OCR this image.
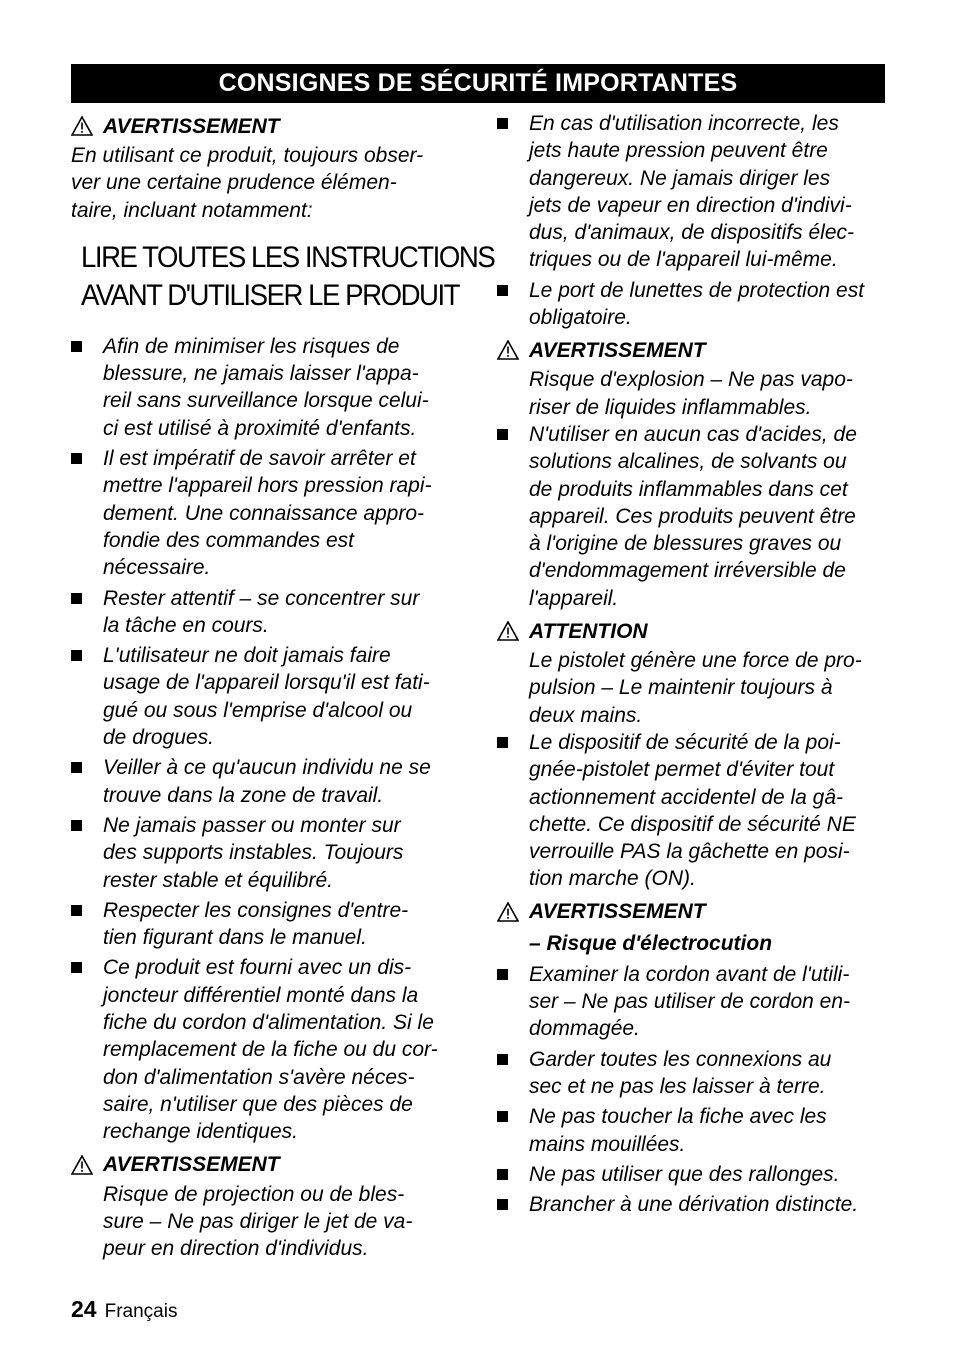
CONSIGNES DE SÉCURITÉ IMPORTANTES
AVERTISSEMENT
En utilisant ce produit, toujours obser-
ver une certaine prudence élémen-
taire, incluant notamment:
LIRE TOUTES LES INSTRUCTIONS
AVANT D'UTILISER LE PRODUIT
Afin de minimiser les risques de
blessure, ne jamais laisser l'appa-
reil sans surveillance lorsque celui-
ci est utilisé à proximité d'enfants.
Il est impératif de savoir arrêter et
mettre l'appareil hors pression rapi-
dement. Une connaissance appro-
fondie des commandes est
nécessaire.
Rester attentif – se concentrer sur
la tâche en cours.
L'utilisateur ne doit jamais faire
usage de l'appareil lorsqu'il est fati-
gué ou sous l'emprise d'alcool ou
de drogues.
Veiller à ce qu'aucun individu ne se
trouve dans la zone de travail.
Ne jamais passer ou monter sur
des supports instables. Toujours
rester stable et équilibré.
Respecter les consignes d'entre-
tien figurant dans le manuel.
Ce produit est fourni avec un dis-
joncteur différentiel monté dans la
fiche du cordon d'alimentation. Si le
remplacement de la fiche ou du cor-
don d'alimentation s'avère néces-
saire, n'utiliser que des pièces de
rechange identiques.
AVERTISSEMENT
Risque de projection ou de bles-
sure – Ne pas diriger le jet de va-
peur en direction d'individus.
En cas d'utilisation incorrecte, les
jets haute pression peuvent être
dangereux. Ne jamais diriger les
jets de vapeur en direction d'indivi-
dus, d'animaux, de dispositifs élec-
triques ou de l'appareil lui-même.
Le port de lunettes de protection est
obligatoire.
AVERTISSEMENT
Risque d'explosion – Ne pas vapo-
riser de liquides inflammables.
N'utiliser en aucun cas d'acides, de
solutions alcalines, de solvants ou
de produits inflammables dans cet
appareil. Ces produits peuvent être
à l'origine de blessures graves ou
d'endommagement irréversible de
l'appareil.
ATTENTION
Le pistolet génère une force de pro-
pulsion – Le maintenir toujours à
deux mains.
Le dispositif de sécurité de la poi-
gnée-pistolet permet d'éviter tout
actionnement accidentel de la gâ-
chette. Ce dispositif de sécurité NE
verrouille PAS la gâchette en posi-
tion marche (ON).
AVERTISSEMENT
– Risque d'électrocution
Examiner la cordon avant de l'utili-
ser – Ne pas utiliser de cordon en-
dommagée.
Garder toutes les connexions au
sec et ne pas les laisser à terre.
Ne pas toucher la fiche avec les
mains mouillées.
Ne pas utiliser que des rallonges.
Brancher à une dérivation distincte.
24 Français
